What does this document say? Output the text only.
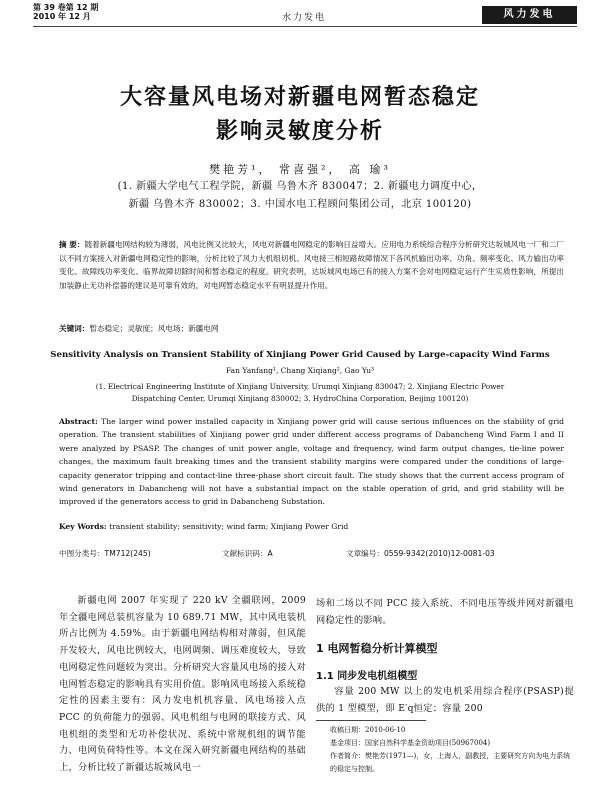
第 39 卷第 12 期
2010 年 12 月	水力发电	风力发电
大容量风电场对新疆电网暂态稳定
影响灵敏度分析
樊艳芳¹， 常喜强²， 高 瑜³
(1. 新疆大学电气工程学院，新疆 乌鲁木齐 830047；2. 新疆电力调度中心，
新疆 乌鲁木齐 830002；3. 中国水电工程顾问集团公司，北京 100120)
摘 要：随着新疆电网结构较为薄弱，风电比例又比较大，风电对新疆电网稳定的影响日益增大。应用电力系统综合程序分析研究达坂城风电一厂和二厂以不同方案接入对新疆电网稳定性的影响，分析比较了风力大机组切机、风电接三相短路故障情况下各风机输出功率、功角、频率变化、风力输出功率变化、故障线功率变化、临界故障切除时间和暂态稳定的程度。研究表明，达坂城风电场已有的接入方案不会对电网稳定运行产生实质性影响，所提出加装静止无功补偿器的建议是可靠有效的，对电网暂态稳定水平有明显提升作用。
关键词：暂态稳定；灵敏度；风电场；新疆电网
Sensitivity Analysis on Transient Stability of Xinjiang Power Grid Caused by Large-capacity Wind Farms
Fan Yanfang¹, Chang Xiqiang², Gao Yu³
(1. Electrical Engineering Institute of Xinjiang University, Urumqi Xinjiang 830047; 2. Xinjiang Electric Power
Dispatching Center, Urumqi Xinjiang 830002; 3. HydroChina Corporation, Beijing 100120)
Abstract: The larger wind power installed capacity in Xinjiang power grid will cause serious influences on the stability of grid operation. The transient stabilities of Xinjiang power grid under different access programs of Dabancheng Wind Farm I and II were analyzed by PSASP. The changes of unit power angle, voltage and frequency, wind farm output changes, tie-line power changes, the maximum fault breaking times and the transient stability margins were compared under the conditions of large-capacity generator tripping and contact-line three-phase short circuit fault. The study shows that the current access program of wind generators in Dabancheng will not have a substantial impact on the stable operation of grid, and grid stability will be improved if the generators access to grid in Dabancheng Substation.
Key Words: transient stability; sensitivity; wind farm; Xinjiang Power Grid
中图分类号：TM712(245)	文献标识码：A	文章编号：0559-9342(2010)12-0081-03
新疆电网 2007 年实现了 220 kV 全疆联网，2009 年全疆电网总装机容量为 10 689.71 MW，其中风电装机所占比例为 4.59%。由于新疆电网结构相对薄弱，但风能开发较大，风电比例较大，电网调频、调压难度较大，导致电网稳定性问题较为突出。分析研究大容量风电场的接入对电网暂态稳定的影响具有实用价值。影响风电场接入系统稳定性的因素主要有：风力发电机机容量、风电场接入点 PCC 的负荷能力的强弱、风电机组与电网的联接方式、风电机组的类型和无功补偿状况、系统中常规机组的调节能力、电网负荷特性等。本文在深入研究新疆电网结构的基础上，分析比较了新疆达坂城风电一
场和二场以不同 PCC 接入系统、不同电压等级并网对新疆电网稳定性的影响。
1 电网暂稳分析计算模型
1.1 同步发电机组模型
容量 200 MW 以上的发电机采用综合程序(PSASP)提供的 1 型模型，即 E′q恒定；容量 200
收稿日期：2010-06-10
基金项目：国家自然科学基金资助项目(50967004)
作者简介：樊艳芳(1971—)，女，上海人，副教授，主要研究方向为电力系统的稳定与控制。
